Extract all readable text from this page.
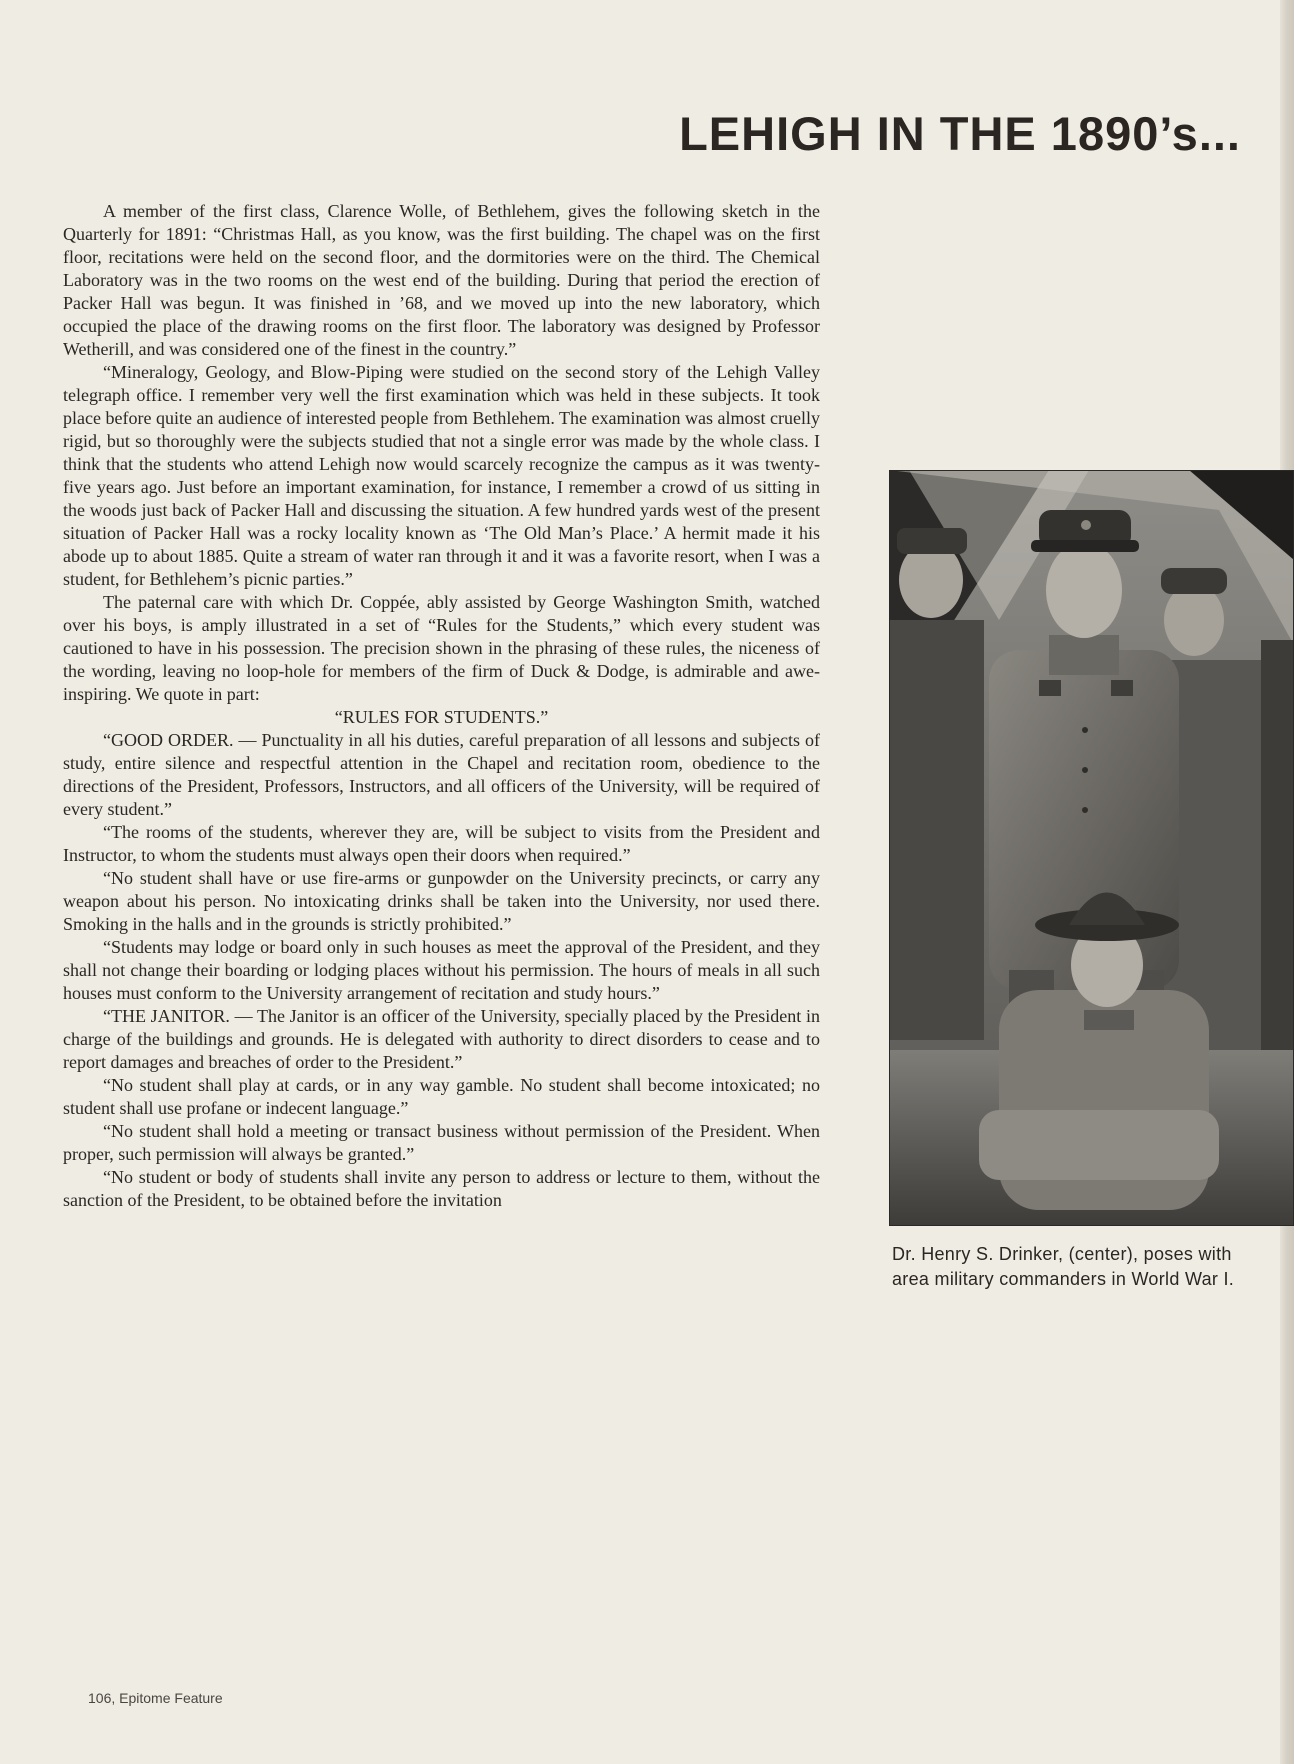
LEHIGH IN THE 1890’s...

A member of the first class, Clarence Wolle, of Bethlehem, gives the following sketch in the Quarterly for 1891: “Christmas Hall, as you know, was the first building. The chapel was on the first floor, recitations were held on the second floor, and the dormitories were on the third. The Chemical Laboratory was in the two rooms on the west end of the building. During that period the erection of Packer Hall was begun. It was finished in ’68, and we moved up into the new laboratory, which occupied the place of the drawing rooms on the first floor. The laboratory was designed by Professor Wetherill, and was considered one of the finest in the country.”

“Mineralogy, Geology, and Blow-Piping were studied on the second story of the Lehigh Valley telegraph office. I remember very well the first examination which was held in these subjects. It took place before quite an audience of interested people from Bethlehem. The examination was almost cruelly rigid, but so thoroughly were the subjects studied that not a single error was made by the whole class. I think that the students who attend Lehigh now would scarcely recognize the campus as it was twenty-five years ago. Just before an important examination, for instance, I remember a crowd of us sitting in the woods just back of Packer Hall and discussing the situation. A few hundred yards west of the present situation of Packer Hall was a rocky locality known as ‘The Old Man’s Place.’ A hermit made it his abode up to about 1885. Quite a stream of water ran through it and it was a favorite resort, when I was a student, for Bethlehem’s picnic parties.”

The paternal care with which Dr. Coppée, ably assisted by George Washington Smith, watched over his boys, is amply illustrated in a set of “Rules for the Students,” which every student was cautioned to have in his possession. The precision shown in the phrasing of these rules, the niceness of the wording, leaving no loop-hole for members of the firm of Duck & Dodge, is admirable and awe-inspiring. We quote in part:

“RULES FOR STUDENTS.”

“GOOD ORDER. — Punctuality in all his duties, careful preparation of all lessons and subjects of study, entire silence and respectful attention in the Chapel and recitation room, obedience to the directions of the President, Professors, Instructors, and all officers of the University, will be required of every student.”

“The rooms of the students, wherever they are, will be subject to visits from the President and Instructor, to whom the students must always open their doors when required.”

“No student shall have or use fire-arms or gunpowder on the University precincts, or carry any weapon about his person. No intoxicating drinks shall be taken into the University, nor used there. Smoking in the halls and in the grounds is strictly prohibited.”

“Students may lodge or board only in such houses as meet the approval of the President, and they shall not change their boarding or lodging places without his permission. The hours of meals in all such houses must conform to the University arrangement of recitation and study hours.”

“THE JANITOR. — The Janitor is an officer of the University, specially placed by the President in charge of the buildings and grounds. He is delegated with authority to direct disorders to cease and to report damages and breaches of order to the President.”

“No student shall play at cards, or in any way gamble. No student shall become intoxicated; no student shall use profane or indecent language.”

“No student shall hold a meeting or transact business without permission of the President. When proper, such permission will always be granted.”

“No student or body of students shall invite any person to address or lecture to them, without the sanction of the President, to be obtained before the invitation

Dr. Henry S. Drinker, (center), poses with area military commanders in World War I.

106, Epitome Feature
